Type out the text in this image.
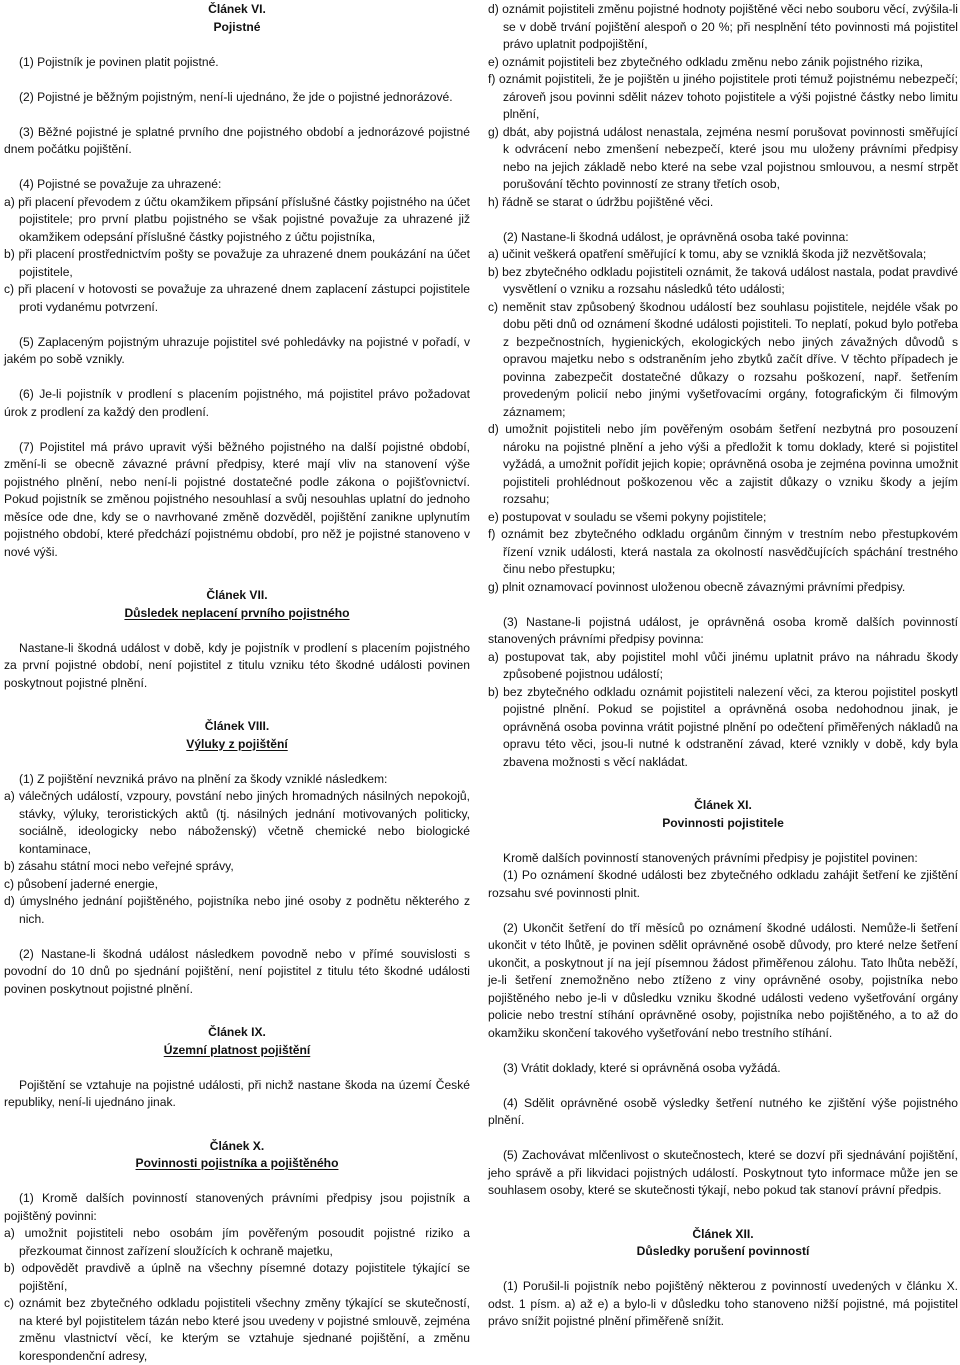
Článek VI.

Pojistné

(1) Pojistník je povinen platit pojistné.

(2) Pojistné je běžným pojistným, není-li ujednáno, že jde o pojistné jednorázové.

(3) Běžné pojistné je splatné prvního dne pojistného období a jednorázové pojistné dnem počátku pojištění.

(4) Pojistné se považuje za uhrazené:

a) při placení převodem z účtu okamžikem připsání příslušné částky pojistného na účet pojistitele; pro první platbu pojistného se však pojistné považuje za uhrazené již okamžikem odepsání příslušné částky pojistného z účtu pojistníka,

b) při placení prostřednictvím pošty se považuje za uhrazené dnem poukázání na účet pojistitele,

c) při placení v hotovosti se považuje za uhrazené dnem zaplacení zástupci pojistitele proti vydanému potvrzení.

(5) Zaplaceným pojistným uhrazuje pojistitel své pohledávky na pojistné v pořadí, v jakém po sobě vznikly.

(6) Je-li pojistník v prodlení s placením pojistného, má pojistitel právo požadovat úrok z prodlení za každý den prodlení.

(7) Pojistitel má právo upravit výši běžného pojistného na další pojistné období, změní-li se obecně závazné právní předpisy, které mají vliv na stanovení výše pojistného plnění, nebo není-li pojistné dostatečné podle zákona o pojišťovnictví. Pokud pojistník se změnou pojistného nesouhlasí a svůj nesouhlas uplatní do jednoho měsíce ode dne, kdy se o navrhované změně dozvěděl, pojištění zanikne uplynutím pojistného období, které předchází pojistnému období, pro něž je pojistné stanoveno v nové výši.

Článek VII.

Důsledek neplacení prvního pojistného

Nastane-li škodná událost v době, kdy je pojistník v prodlení s placením pojistného za první pojistné období, není pojistitel z titulu vzniku této škodné události povinen poskytnout pojistné plnění.

Článek VIII.

Výluky z pojištění

(1) Z pojištění nevzniká právo na plnění za škody vzniklé následkem:

a) válečných událostí, vzpoury, povstání nebo jiných hromadných násilných nepokojů, stávky, výluky, teroristických aktů (tj. násilných jednání motivovaných politicky, sociálně, ideologicky nebo náboženský) včetně chemické nebo biologické kontaminace,

b) zásahu státní moci nebo veřejné správy,

c) působení jaderné energie,

d) úmyslného jednání pojištěného, pojistníka nebo jiné osoby z podnětu některého z nich.

(2) Nastane-li škodná událost následkem povodně nebo v přímé souvislosti s povodní do 10 dnů po sjednání pojištění, není pojistitel z titulu této škodné události povinen poskytnout pojistné plnění.

Článek IX.

Územní platnost pojištění

Pojištění se vztahuje na pojistné události, při nichž nastane škoda na území České republiky, není-li ujednáno jinak.

Článek X.

Povinnosti pojistníka a pojištěného

(1) Kromě dalších povinností stanovených právními předpisy jsou pojistník a pojištěný povinni:

a) umožnit pojistiteli nebo osobám jím pověřeným posoudit pojistné riziko a přezkoumat činnost zařízení sloužících k ochraně majetku,

b) odpovědět pravdivě a úplně na všechny písemné dotazy pojistitele týkající se pojištění,

c) oznámit bez zbytečného odkladu pojistiteli všechny změny týkající se skutečností, na které byl pojistitelem tázán nebo které jsou uvedeny v pojistné smlouvě, zejména změnu vlastnictví věcí, ke kterým se vztahuje sjednané pojištění, a změnu korespondenční adresy,

d) oznámit pojistiteli změnu pojistné hodnoty pojištěné věci nebo souboru věcí, zvýšila-li se v době trvání pojištění alespoň o 20 %; při nesplnění této povinnosti má pojistitel právo uplatnit podpojištění,

e) oznámit pojistiteli bez zbytečného odkladu změnu nebo zánik pojistného rizika,

f) oznámit pojistiteli, že je pojištěn u jiného pojistitele proti témuž pojistnému nebezpečí; zároveň jsou povinni sdělit název tohoto pojistitele a výši pojistné částky nebo limitu plnění,

g) dbát, aby pojistná událost nenastala, zejména nesmí porušovat povinnosti směřující k odvrácení nebo zmenšení nebezpečí, které jsou mu uloženy právními předpisy nebo na jejich základě nebo které na sebe vzal pojistnou smlouvou, a nesmí strpět porušování těchto povinností ze strany třetích osob,

h) řádně se starat o údržbu pojištěné věci.

(2) Nastane-li škodná událost, je oprávněná osoba také povinna:

a) učinit veškerá opatření směřující k tomu, aby se vzniklá škoda již nezvětšovala;

b) bez zbytečného odkladu pojistiteli oznámit, že taková událost nastala, podat pravdivé vysvětlení o vzniku a rozsahu následků této události;

c) neměnit stav způsobený škodnou událostí bez souhlasu pojistitele, nejdéle však po dobu pěti dnů od oznámení škodné události pojistiteli. To neplatí, pokud bylo potřeba z bezpečnostních, hygienických, ekologických nebo jiných závažných důvodů s opravou majetku nebo s odstraněním jeho zbytků začít dříve. V těchto případech je povinna zabezpečit dostatečné důkazy o rozsahu poškození, např. šetřením provedeným policií nebo jinými vyšetřovacími orgány, fotografickým či filmovým záznamem;

d) umožnit pojistiteli nebo jím pověřeným osobám šetření nezbytná pro posouzení nároku na pojistné plnění a jeho výši a předložit k tomu doklady, které si pojistitel vyžádá, a umožnit pořídit jejich kopie; oprávněná osoba je zejména povinna umožnit pojistiteli prohlédnout poškozenou věc a zajistit důkazy o vzniku škody a jejím rozsahu;

e) postupovat v souladu se všemi pokyny pojistitele;

f) oznámit bez zbytečného odkladu orgánům činným v trestním nebo přestupkovém řízení vznik události, která nastala za okolností nasvědčujících spáchání trestného činu nebo přestupku;

g) plnit oznamovací povinnost uloženou obecně závaznými právními předpisy.

(3) Nastane-li pojistná událost, je oprávněná osoba kromě dalších povinností stanovených právními předpisy povinna:

a) postupovat tak, aby pojistitel mohl vůči jinému uplatnit právo na náhradu škody způsobené pojistnou událostí;

b) bez zbytečného odkladu oznámit pojistiteli nalezení věci, za kterou pojistitel poskytl pojistné plnění. Pokud se pojistitel a oprávněná osoba nedohodnou jinak, je oprávněná osoba povinna vrátit pojistné plnění po odečtení přiměřených nákladů na opravu této věci, jsou-li nutné k odstranění závad, které vznikly v době, kdy byla zbavena možnosti s věcí nakládat.

Článek XI.

Povinnosti pojistitele

Kromě dalších povinností stanovených právními předpisy je pojistitel povinen:

(1) Po oznámení škodné události bez zbytečného odkladu zahájit šetření ke zjištění rozsahu své povinnosti plnit.

(2) Ukončit šetření do tří měsíců po oznámení škodné události. Nemůže-li šetření ukončit v této lhůtě, je povinen sdělit oprávněné osobě důvody, pro které nelze šetření ukončit, a poskytnout jí na její písemnou žádost přiměřenou zálohu. Tato lhůta neběží, je-li šetření znemožněno nebo ztíženo z viny oprávněné osoby, pojistníka nebo pojištěného nebo je-li v důsledku vzniku škodné události vedeno vyšetřování orgány policie nebo trestní stíhání oprávněné osoby, pojistníka nebo pojištěného, a to až do okamžiku skončení takového vyšetřování nebo trestního stíhání.

(3) Vrátit doklady, které si oprávněná osoba vyžádá.

(4) Sdělit oprávněné osobě výsledky šetření nutného ke zjištění výše pojistného plnění.

(5) Zachovávat mlčenlivost o skutečnostech, které se dozví při sjednávání pojištění, jeho správě a při likvidaci pojistných událostí. Poskytnout tyto informace může jen se souhlasem osoby, které se skutečnosti týkají, nebo pokud tak stanoví právní předpis.

Článek XII.

Důsledky porušení povinností

(1) Porušil-li pojistník nebo pojištěný některou z povinností uvedených v článku X. odst. 1 písm. a) až e) a bylo-li v důsledku toho stanoveno nižší pojistné, má pojistitel právo snížit pojistné plnění přiměřeně snížit.
